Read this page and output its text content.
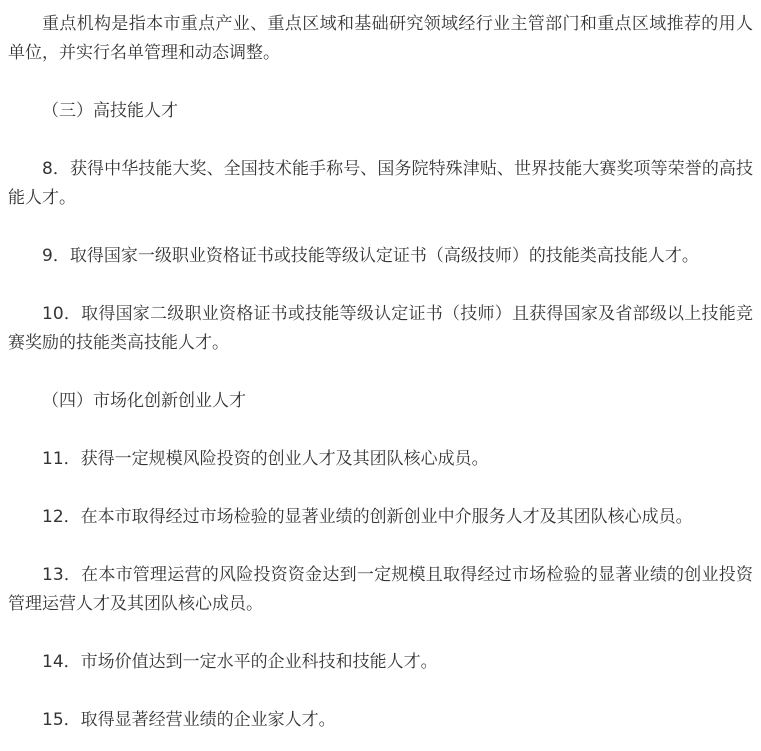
重点机构是指本市重点产业、重点区域和基础研究领域经行业主管部门和重点区域推荐的用人单位，并实行名单管理和动态调整。

（三）高技能人才

8．获得中华技能大奖、全国技术能手称号、国务院特殊津贴、世界技能大赛奖项等荣誉的高技能人才。

9．取得国家一级职业资格证书或技能等级认定证书（高级技师）的技能类高技能人才。

10．取得国家二级职业资格证书或技能等级认定证书（技师）且获得国家及省部级以上技能竞赛奖励的技能类高技能人才。

（四）市场化创新创业人才

11．获得一定规模风险投资的创业人才及其团队核心成员。

12．在本市取得经过市场检验的显著业绩的创新创业中介服务人才及其团队核心成员。

13．在本市管理运营的风险投资资金达到一定规模且取得经过市场检验的显著业绩的创业投资管理运营人才及其团队核心成员。

14．市场价值达到一定水平的企业科技和技能人才。

15．取得显著经营业绩的企业家人才。
